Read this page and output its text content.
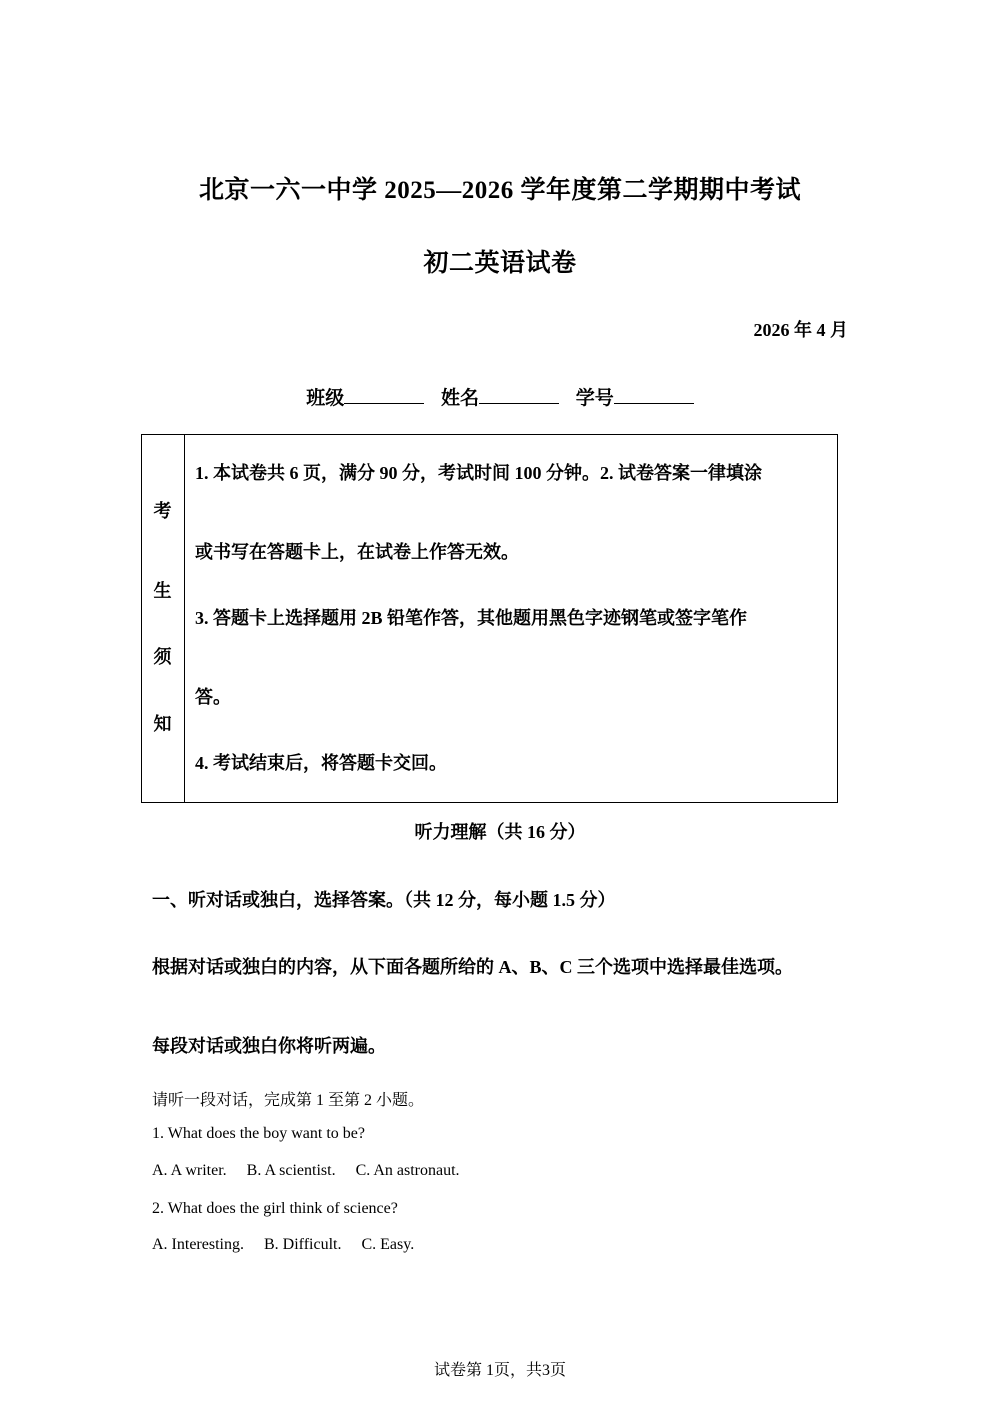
北京一六一中学 2025—2026 学年度第二学期期中考试
初二英语试卷
2026 年 4 月
班级	姓名	学号
考
生
须
知
1. 本试卷共 6 页，满分 90 分，考试时间 100 分钟。2. 试卷答案一律填涂
或书写在答题卡上，在试卷上作答无效。
3. 答题卡上选择题用 2B 铅笔作答，其他题用黑色字迹钢笔或签字笔作
答。
4. 考试结束后，将答题卡交回。
听力理解（共 16 分）
一、听对话或独白，选择答案。（共 12 分，每小题 1.5 分）
根据对话或独白的内容，从下面各题所给的 A、B、C 三个选项中选择最佳选项。
每段对话或独白你将听两遍。
请听一段对话，完成第 1 至第 2 小题。
1. What does the boy want to be?
A. A writer.     B. A scientist.     C. An astronaut.
2. What does the girl think of science?
A. Interesting.     B. Difficult.     C. Easy.
试卷第 1页，共3页
